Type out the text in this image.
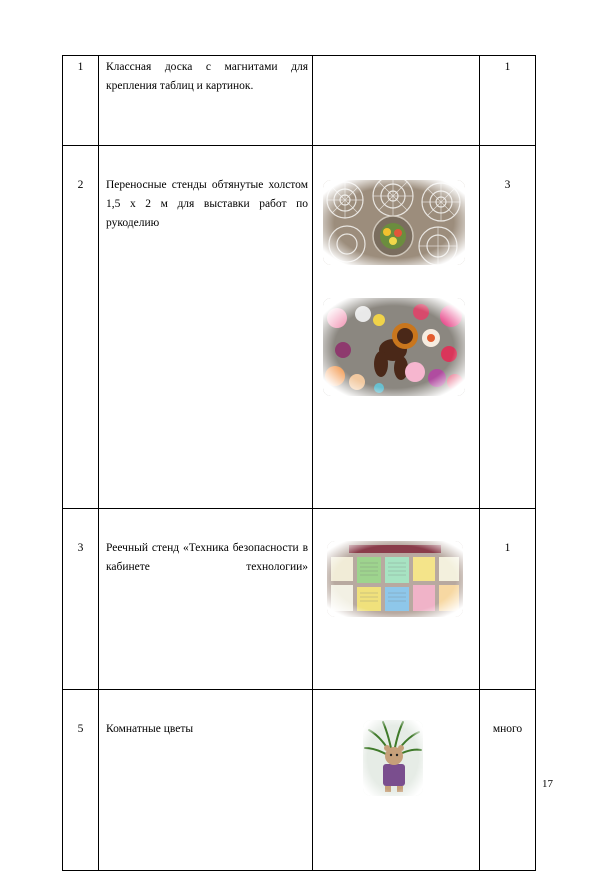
1	Классная доска с магнитами для крепления таблиц и картинок.		1
2	Переносные стенды обтянутые холстом 1,5 х 2 м для выставки работ по рукоделию		3
3	Реечный стенд «Техника безопасности в кабинете технологии»		1
5	Комнатные цветы		много
17
